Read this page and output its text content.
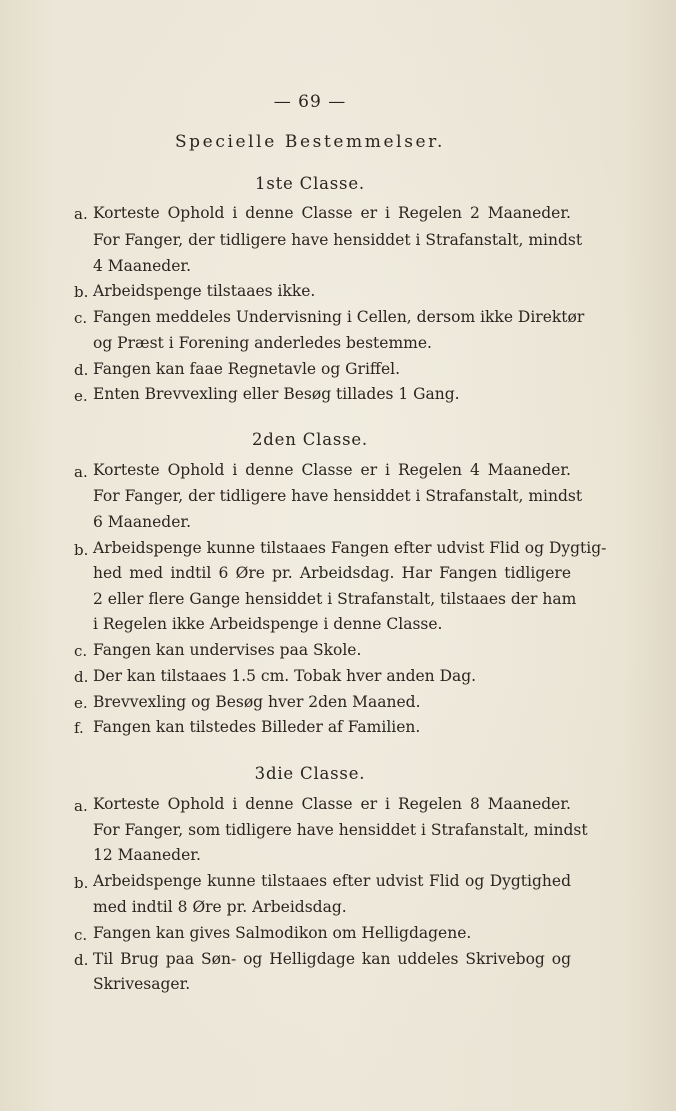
— 69 —
Specielle Bestemmelser.
1ste Classe.
a. Korteste Ophold i denne Classe er i Regelen 2 Maaneder.
For Fanger, der tidligere have hensiddet i Strafanstalt, mindst
4 Maaneder.
b. Arbeidspenge tilstaaes ikke.
c. Fangen meddeles Undervisning i Cellen, dersom ikke Direktør
og Præst i Forening anderledes bestemme.
d. Fangen kan faae Regnetavle og Griffel.
e. Enten Brevvexling eller Besøg tillades 1 Gang.
2den Classe.
a. Korteste Ophold i denne Classe er i Regelen 4 Maaneder.
For Fanger, der tidligere have hensiddet i Strafanstalt, mindst
6 Maaneder.
b. Arbeidspenge kunne tilstaaes Fangen efter udvist Flid og Dygtig-
hed med indtil 6 Øre pr. Arbeidsdag. Har Fangen tidligere
2 eller flere Gange hensiddet i Strafanstalt, tilstaaes der ham
i Regelen ikke Arbeidspenge i denne Classe.
c. Fangen kan undervises paa Skole.
d. Der kan tilstaaes 1.5 cm. Tobak hver anden Dag.
e. Brevvexling og Besøg hver 2den Maaned.
f. Fangen kan tilstedes Billeder af Familien.
3die Classe.
a. Korteste Ophold i denne Classe er i Regelen 8 Maaneder.
For Fanger, som tidligere have hensiddet i Strafanstalt, mindst
12 Maaneder.
b. Arbeidspenge kunne tilstaaes efter udvist Flid og Dygtighed
med indtil 8 Øre pr. Arbeidsdag.
c. Fangen kan gives Salmodikon om Helligdagene.
d. Til Brug paa Søn- og Helligdage kan uddeles Skrivebog og
Skrivesager.
